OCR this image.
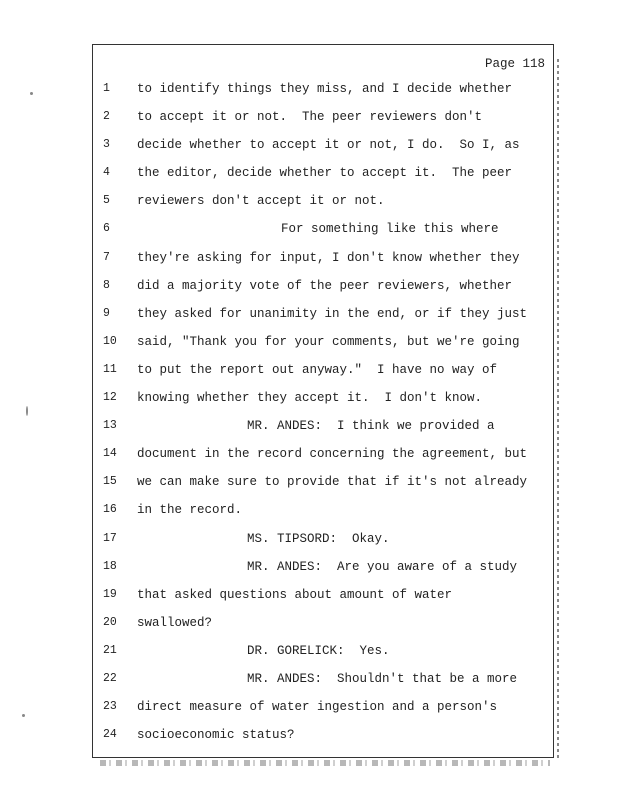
Page 118
1	to identify things they miss, and I decide whether
2	to accept it or not.  The peer reviewers don't
3	decide whether to accept it or not, I do.  So I, as
4	the editor, decide whether to accept it.  The peer
5	reviewers don't accept it or not.
6	For something like this where
7	they're asking for input, I don't know whether they
8	did a majority vote of the peer reviewers, whether
9	they asked for unanimity in the end, or if they just
10	said, "Thank you for your comments, but we're going
11	to put the report out anyway."  I have no way of
12	knowing whether they accept it.  I don't know.
13	MR. ANDES:  I think we provided a
14	document in the record concerning the agreement, but
15	we can make sure to provide that if it's not already
16	in the record.
17	MS. TIPSORD:  Okay.
18	MR. ANDES:  Are you aware of a study
19	that asked questions about amount of water
20	swallowed?
21	DR. GORELICK:  Yes.
22	MR. ANDES:  Shouldn't that be a more
23	direct measure of water ingestion and a person's
24	socioeconomic status?
